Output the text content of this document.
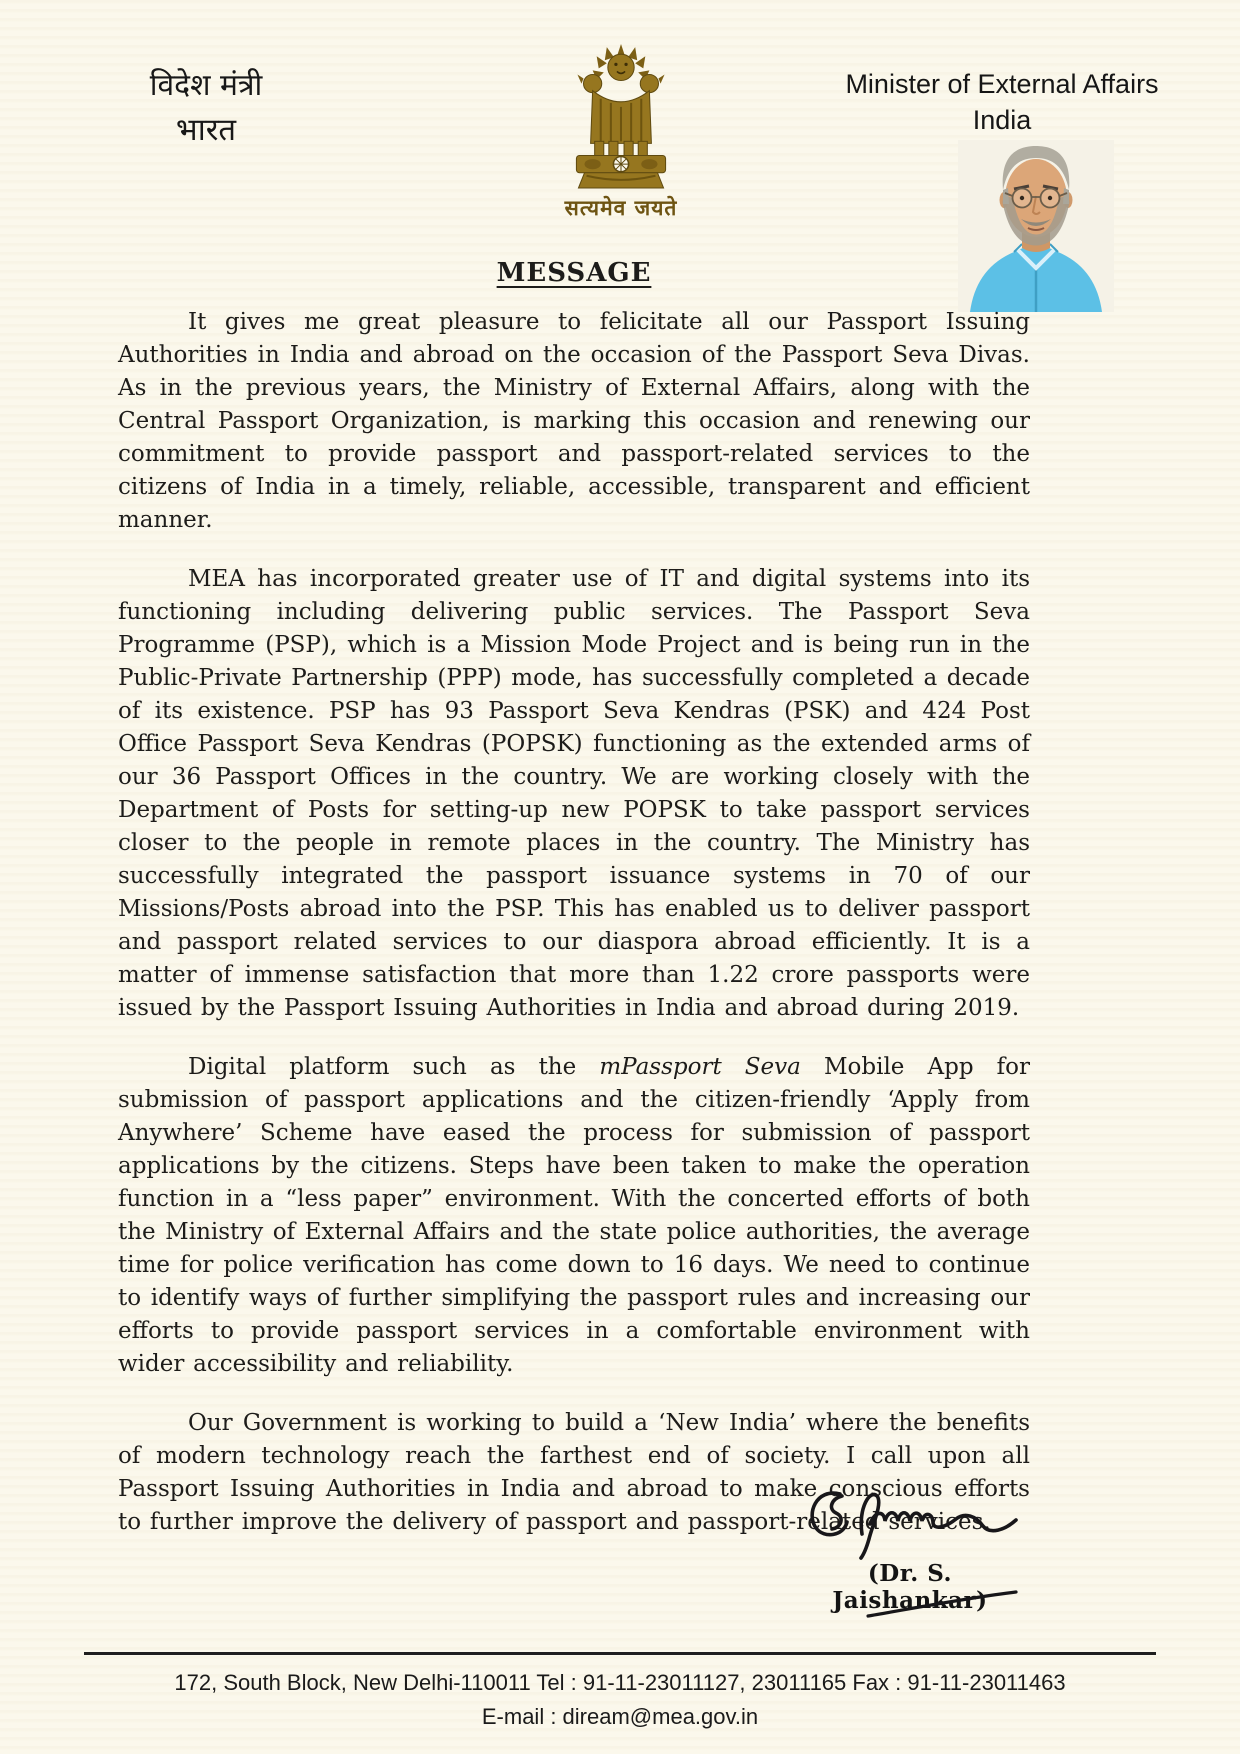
विदेश मंत्री
भारत
सत्यमेव जयते
Minister of External Affairs
India
MESSAGE

It gives me great pleasure to felicitate all our Passport Issuing Authorities in India and abroad on the occasion of the Passport Seva Divas. As in the previous years, the Ministry of External Affairs, along with the Central Passport Organization, is marking this occasion and renewing our commitment to provide passport and passport-related services to the citizens of India in a timely, reliable, accessible, transparent and efficient manner.

MEA has incorporated greater use of IT and digital systems into its functioning including delivering public services. The Passport Seva Programme (PSP), which is a Mission Mode Project and is being run in the Public-Private Partnership (PPP) mode, has successfully completed a decade of its existence. PSP has 93 Passport Seva Kendras (PSK) and 424 Post Office Passport Seva Kendras (POPSK) functioning as the extended arms of our 36 Passport Offices in the country. We are working closely with the Department of Posts for setting-up new POPSK to take passport services closer to the people in remote places in the country. The Ministry has successfully integrated the passport issuance systems in 70 of our Missions/Posts abroad into the PSP. This has enabled us to deliver passport and passport related services to our diaspora abroad efficiently. It is a matter of immense satisfaction that more than 1.22 crore passports were issued by the Passport Issuing Authorities in India and abroad during 2019.

Digital platform such as the mPassport Seva Mobile App for submission of passport applications and the citizen-friendly ‘Apply from Anywhere’ Scheme have eased the process for submission of passport applications by the citizens. Steps have been taken to make the operation function in a “less paper” environment. With the concerted efforts of both the Ministry of External Affairs and the state police authorities, the average time for police verification has come down to 16 days. We need to continue to identify ways of further simplifying the passport rules and increasing our efforts to provide passport services in a comfortable environment with wider accessibility and reliability.

Our Government is working to build a ‘New India’ where the benefits of modern technology reach the farthest end of society. I call upon all Passport Issuing Authorities in India and abroad to make conscious efforts to further improve the delivery of passport and passport-related services.

(Dr. S. Jaishankar)
172, South Block, New Delhi-110011 Tel : 91-11-23011127, 23011165 Fax : 91-11-23011463
E-mail : diream@mea.gov.in
